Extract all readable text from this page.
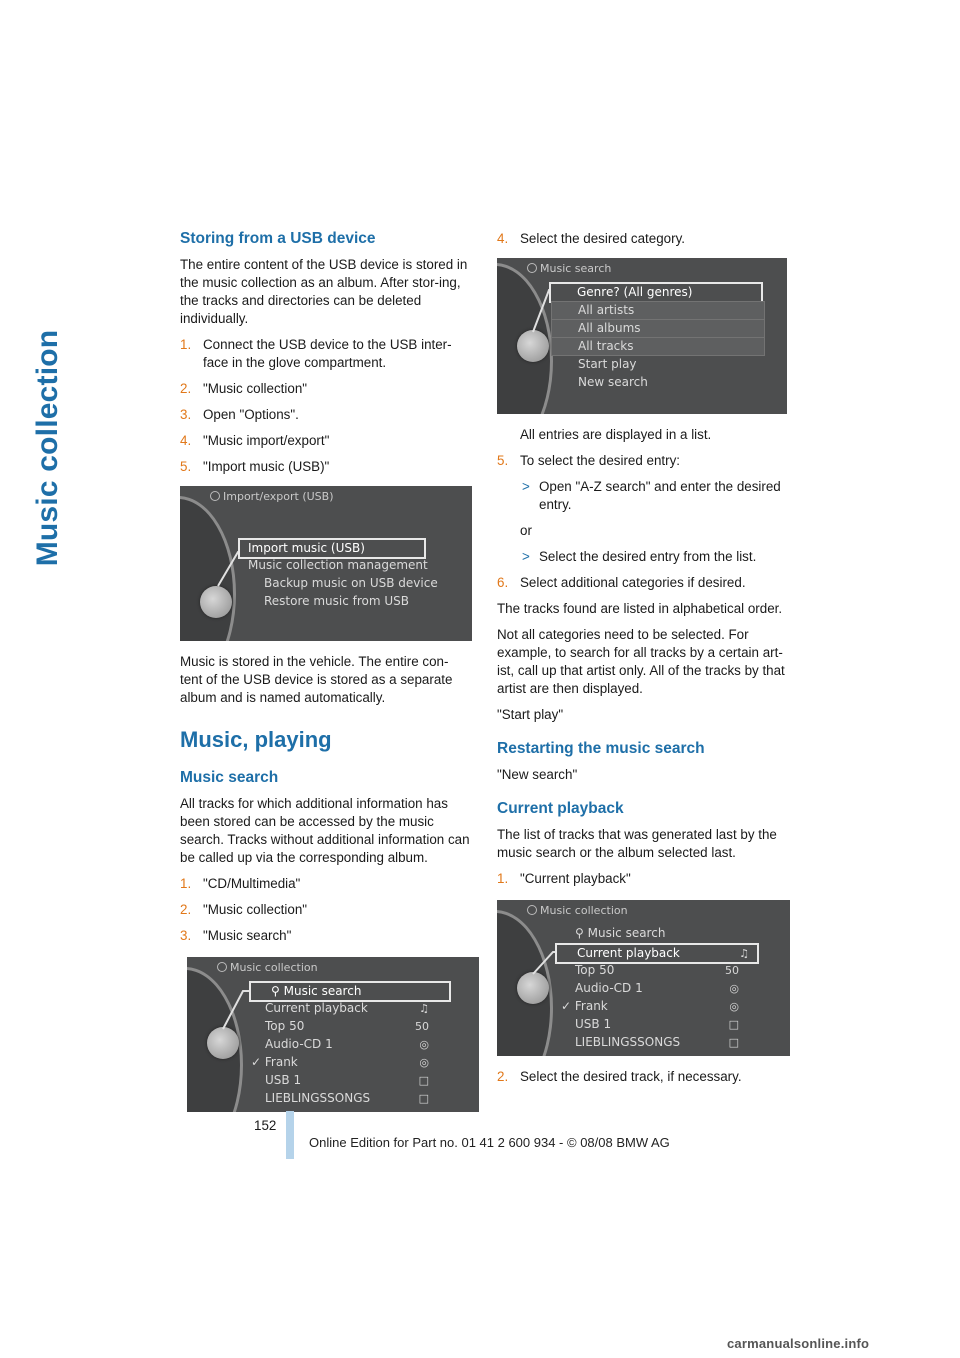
Music collection
Storing from a USB device

The entire content of the USB device is stored in the music collection as an album. After stor-ing, the tracks and directories can be deleted individually.

1. Connect the USB device to the USB inter-face in the glove compartment.
2. "Music collection"
3. Open "Options".
4. "Music import/export"
5. "Import music (USB)"
Import/export (USB)
Import music (USB)
Music collection management
Backup music on USB device
Restore music from USB

Music is stored in the vehicle. The entire con-tent of the USB device is stored as a separate album and is named automatically.

Music, playing
Music search

All tracks for which additional information has been stored can be accessed by the music search. Tracks without additional information can be called up via the corresponding album.

1. "CD/Multimedia"
2. "Music collection"
3. "Music search"
Music collection
⚲ Music search
Current playback	♫
Top 50	50
Audio-CD 1	◎
✓ Frank	◎
USB 1	□
LIEBLINGSSONGS	□
4. Select the desired category.
Music search
Genre? (All genres)
All artists
All albums
All tracks
Start play
New search

All entries are displayed in a list.

5. To select the desired entry:
> Open "A-Z search" and enter the desired entry.

or

> Select the desired entry from the list.
6. Select additional categories if desired.

The tracks found are listed in alphabetical order.

Not all categories need to be selected. For example, to search for all tracks by a certain art-ist, call up that artist only. All of the tracks by that artist are then displayed.

"Start play"

Restarting the music search

"New search"

Current playback

The list of tracks that was generated last by the music search or the album selected last.

1. "Current playback"
Music collection
⚲ Music search
Current playback	♫
Top 50	50
Audio-CD 1	◎
✓ Frank	◎
USB 1	□
LIEBLINGSSONGS	□
2. Select the desired track, if necessary.
152
Online Edition for Part no. 01 41 2 600 934 - © 08/08 BMW AG
carmanualsonline.info
